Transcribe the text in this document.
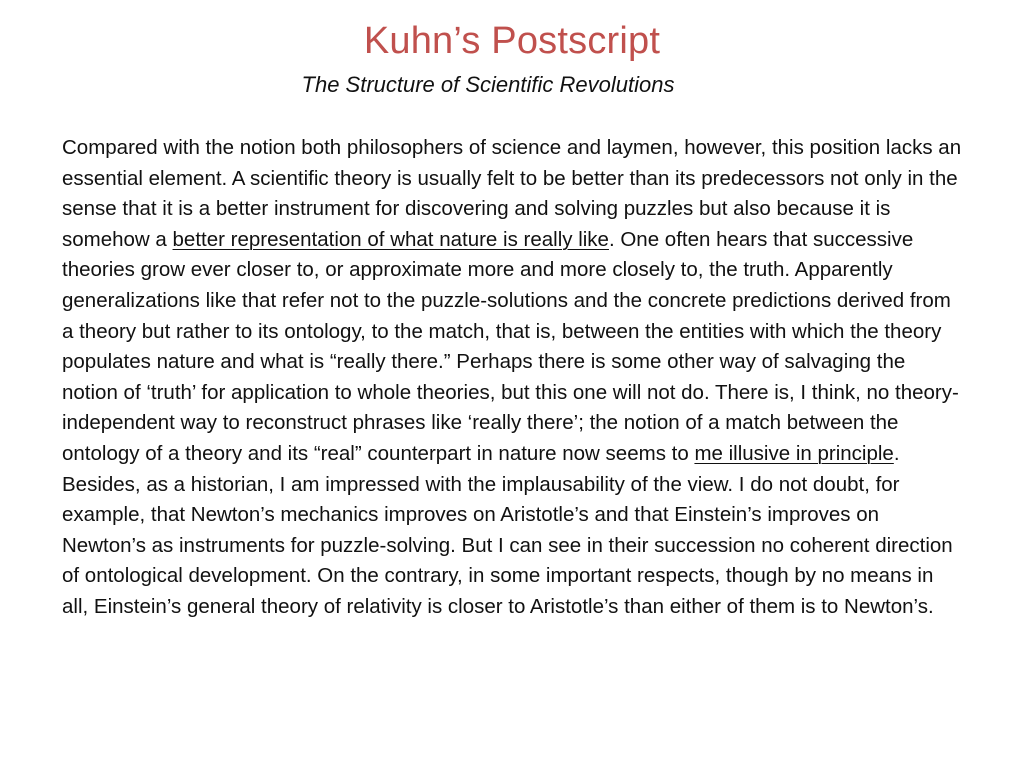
Kuhn’s Postscript
The Structure of Scientific Revolutions

Compared with the notion both philosophers of science and laymen, however, this position lacks an essential element. A scientific theory is usually felt to be better than its predecessors not only in the sense that it is a better instrument for discovering and solving puzzles but also because it is somehow a better representation of what nature is really like. One often hears that successive theories grow ever closer to, or approximate more and more closely to, the truth. Apparently generalizations like that refer not to the puzzle-solutions and the concrete predictions derived from a theory but rather to its ontology, to the match, that is, between the entities with which the theory populates nature and what is “really there.” Perhaps there is some other way of salvaging the notion of ‘truth’ for application to whole theories, but this one will not do. There is, I think, no theory-independent way to reconstruct phrases like ‘really there’; the notion of a match between the ontology of a theory and its “real” counterpart in nature now seems to me illusive in principle. Besides, as a historian, I am impressed with the implausability of the view. I do not doubt, for example, that Newton’s mechanics improves on Aristotle’s and that Einstein’s improves on Newton’s as instruments for puzzle-solving. But I can see in their succession no coherent direction of ontological development. On the contrary, in some important respects, though by no means in all, Einstein’s general theory of relativity is closer to Aristotle’s than either of them is to Newton’s.
